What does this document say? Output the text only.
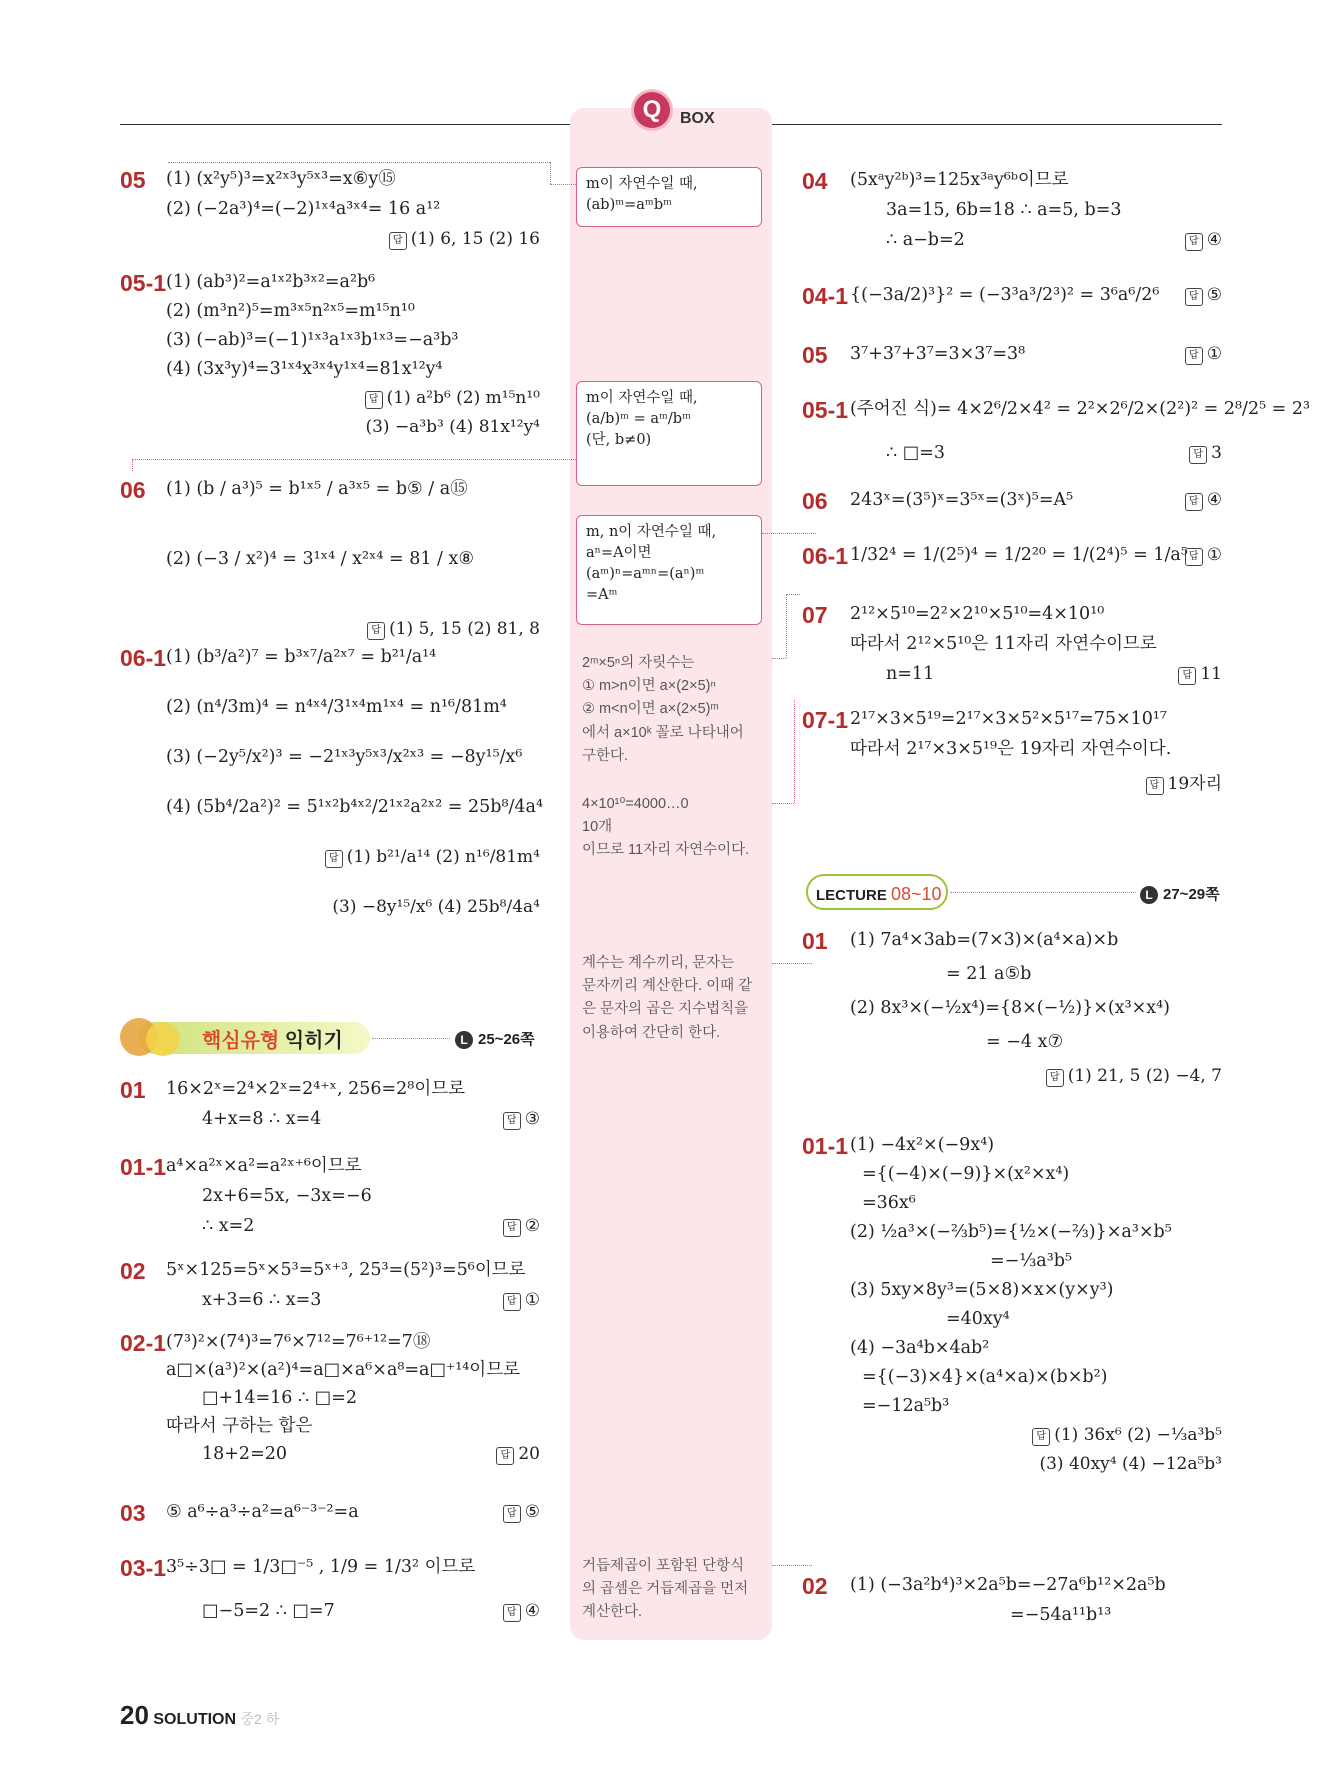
Q	BOX
05 (1) (x²y⁵)³=x²ˣ³y⁵ˣ³=x⑥y⑮
(2) (−2a³)⁴=(−2)¹ˣ⁴a³ˣ⁴= 16 a¹²
답 (1) 6, 15 (2) 16
05-1 (1) (ab³)²=a¹ˣ²b³ˣ²=a²b⁶
(2) (m³n²)⁵=m³ˣ⁵n²ˣ⁵=m¹⁵n¹⁰
(3) (−ab)³=(−1)¹ˣ³a¹ˣ³b¹ˣ³=−a³b³
(4) (3x³y)⁴=3¹ˣ⁴x³ˣ⁴y¹ˣ⁴=81x¹²y⁴
답 (1) a²b⁶ (2) m¹⁵n¹⁰
(3) −a³b³ (4) 81x¹²y⁴
06 (1) (b / a³)⁵ = b¹ˣ⁵ / a³ˣ⁵ = b⑤ / a⑮
(2) (−3 / x²)⁴ = 3¹ˣ⁴ / x²ˣ⁴ = 81 / x⑧
답 (1) 5, 15 (2) 81, 8
06-1 (1) (b³/a²)⁷ = b³ˣ⁷/a²ˣ⁷ = b²¹/a¹⁴
(2) (n⁴/3m)⁴ = n⁴ˣ⁴/3¹ˣ⁴m¹ˣ⁴ = n¹⁶/81m⁴
(3) (−2y⁵/x²)³ = −2¹ˣ³y⁵ˣ³/x²ˣ³ = −8y¹⁵/x⁶
(4) (5b⁴/2a²)² = 5¹ˣ²b⁴ˣ²/2¹ˣ²a²ˣ² = 25b⁸/4a⁴
답 (1) b²¹/a¹⁴ (2) n¹⁶/81m⁴
(3) −8y¹⁵/x⁶ (4) 25b⁸/4a⁴
01 16×2ˣ=2⁴×2ˣ=2⁴⁺ˣ, 256=2⁸이므로
4+x=8 ∴ x=4	답 ③
01-1 a⁴×a²ˣ×a²=a²ˣ⁺⁶이므로
2x+6=5x, −3x=−6
∴ x=2	답 ②
02 5ˣ×125=5ˣ×5³=5ˣ⁺³, 25³=(5²)³=5⁶이므로
x+3=6 ∴ x=3	답 ①
02-1 (7³)²×(7⁴)³=7⁶×7¹²=7⁶⁺¹²=7⑱
a□×(a³)²×(a²)⁴=a□×a⁶×a⁸=a□⁺¹⁴이므로
□+14=16 ∴ □=2
따라서 구하는 합은
18+2=20	답 20
03 ⑤ a⁶÷a³÷a²=a⁶⁻³⁻²=a	답 ⑤
03-1 3⁵÷3□ = 1/3□⁻⁵ , 1/9 = 1/3² 이므로
□−5=2 ∴ □=7	답 ④
핵심유형 익히기	L 25~26쪽
m이 자연수일 때,
(ab)ᵐ=aᵐbᵐ
m이 자연수일 때,
(a/b)ᵐ = aᵐ/bᵐ
(단, b≠0)
m, n이 자연수일 때,
aⁿ=A이면
(aᵐ)ⁿ=aᵐⁿ=(aⁿ)ᵐ
=Aᵐ
2ᵐ×5ⁿ의 자릿수는
① m>n이면 a×(2×5)ⁿ
② m<n이면 a×(2×5)ᵐ
에서 a×10ᵏ 꼴로 나타내어
구한다.
4×10¹⁰=4000…0
10개
이므로 11자리 자연수이다.
계수는 계수끼리, 문자는
문자끼리 계산한다. 이때 같
은 문자의 곱은 지수법칙을
이용하여 간단히 한다.
거듭제곱이 포함된 단항식
의 곱셈은 거듭제곱을 먼저
계산한다.
04 (5xᵃy²ᵇ)³=125x³ᵃy⁶ᵇ이므로
3a=15, 6b=18 ∴ a=5, b=3
∴ a−b=2	답 ④
04-1 {(−3a/2)³}² = (−3³a³/2³)² = 3⁶a⁶/2⁶	답 ⑤
05 3⁷+3⁷+3⁷=3×3⁷=3⁸	답 ①
05-1 (주어진 식)= 4×2⁶/2×4² = 2²×2⁶/2×(2²)² = 2⁸/2⁵ = 2³
∴ □=3	답 3
06 243ˣ=(3⁵)ˣ=3⁵ˣ=(3ˣ)⁵=A⁵	답 ④
06-1 1/32⁴ = 1/(2⁵)⁴ = 1/2²⁰ = 1/(2⁴)⁵ = 1/a⁵ 답 ①
07 2¹²×5¹⁰=2²×2¹⁰×5¹⁰=4×10¹⁰
따라서 2¹²×5¹⁰은 11자리 자연수이므로
n=11	답 11
07-1 2¹⁷×3×5¹⁹=2¹⁷×3×5²×5¹⁷=75×10¹⁷
따라서 2¹⁷×3×5¹⁹은 19자리 자연수이다.
답 19자리
LECTURE 08~10	L 27~29쪽
01 (1) 7a⁴×3ab=(7×3)×(a⁴×a)×b
= 21 a⑤b
(2) 8x³×(−½x⁴)={8×(−½)}×(x³×x⁴)
= −4 x⑦
답 (1) 21, 5 (2) −4, 7
01-1 (1) −4x²×(−9x⁴)
={(−4)×(−9)}×(x²×x⁴)
=36x⁶
(2) ½a³×(−⅔b⁵)={½×(−⅔)}×a³×b⁵
=−⅓a³b⁵
(3) 5xy×8y³=(5×8)×x×(y×y³)
=40xy⁴
(4) −3a⁴b×4ab²
={(−3)×4}×(a⁴×a)×(b×b²)
=−12a⁵b³
답 (1) 36x⁶ (2) −⅓a³b⁵
(3) 40xy⁴ (4) −12a⁵b³
02 (1) (−3a²b⁴)³×2a⁵b=−27a⁶b¹²×2a⁵b
=−54a¹¹b¹³
20 SOLUTION 중2 하
